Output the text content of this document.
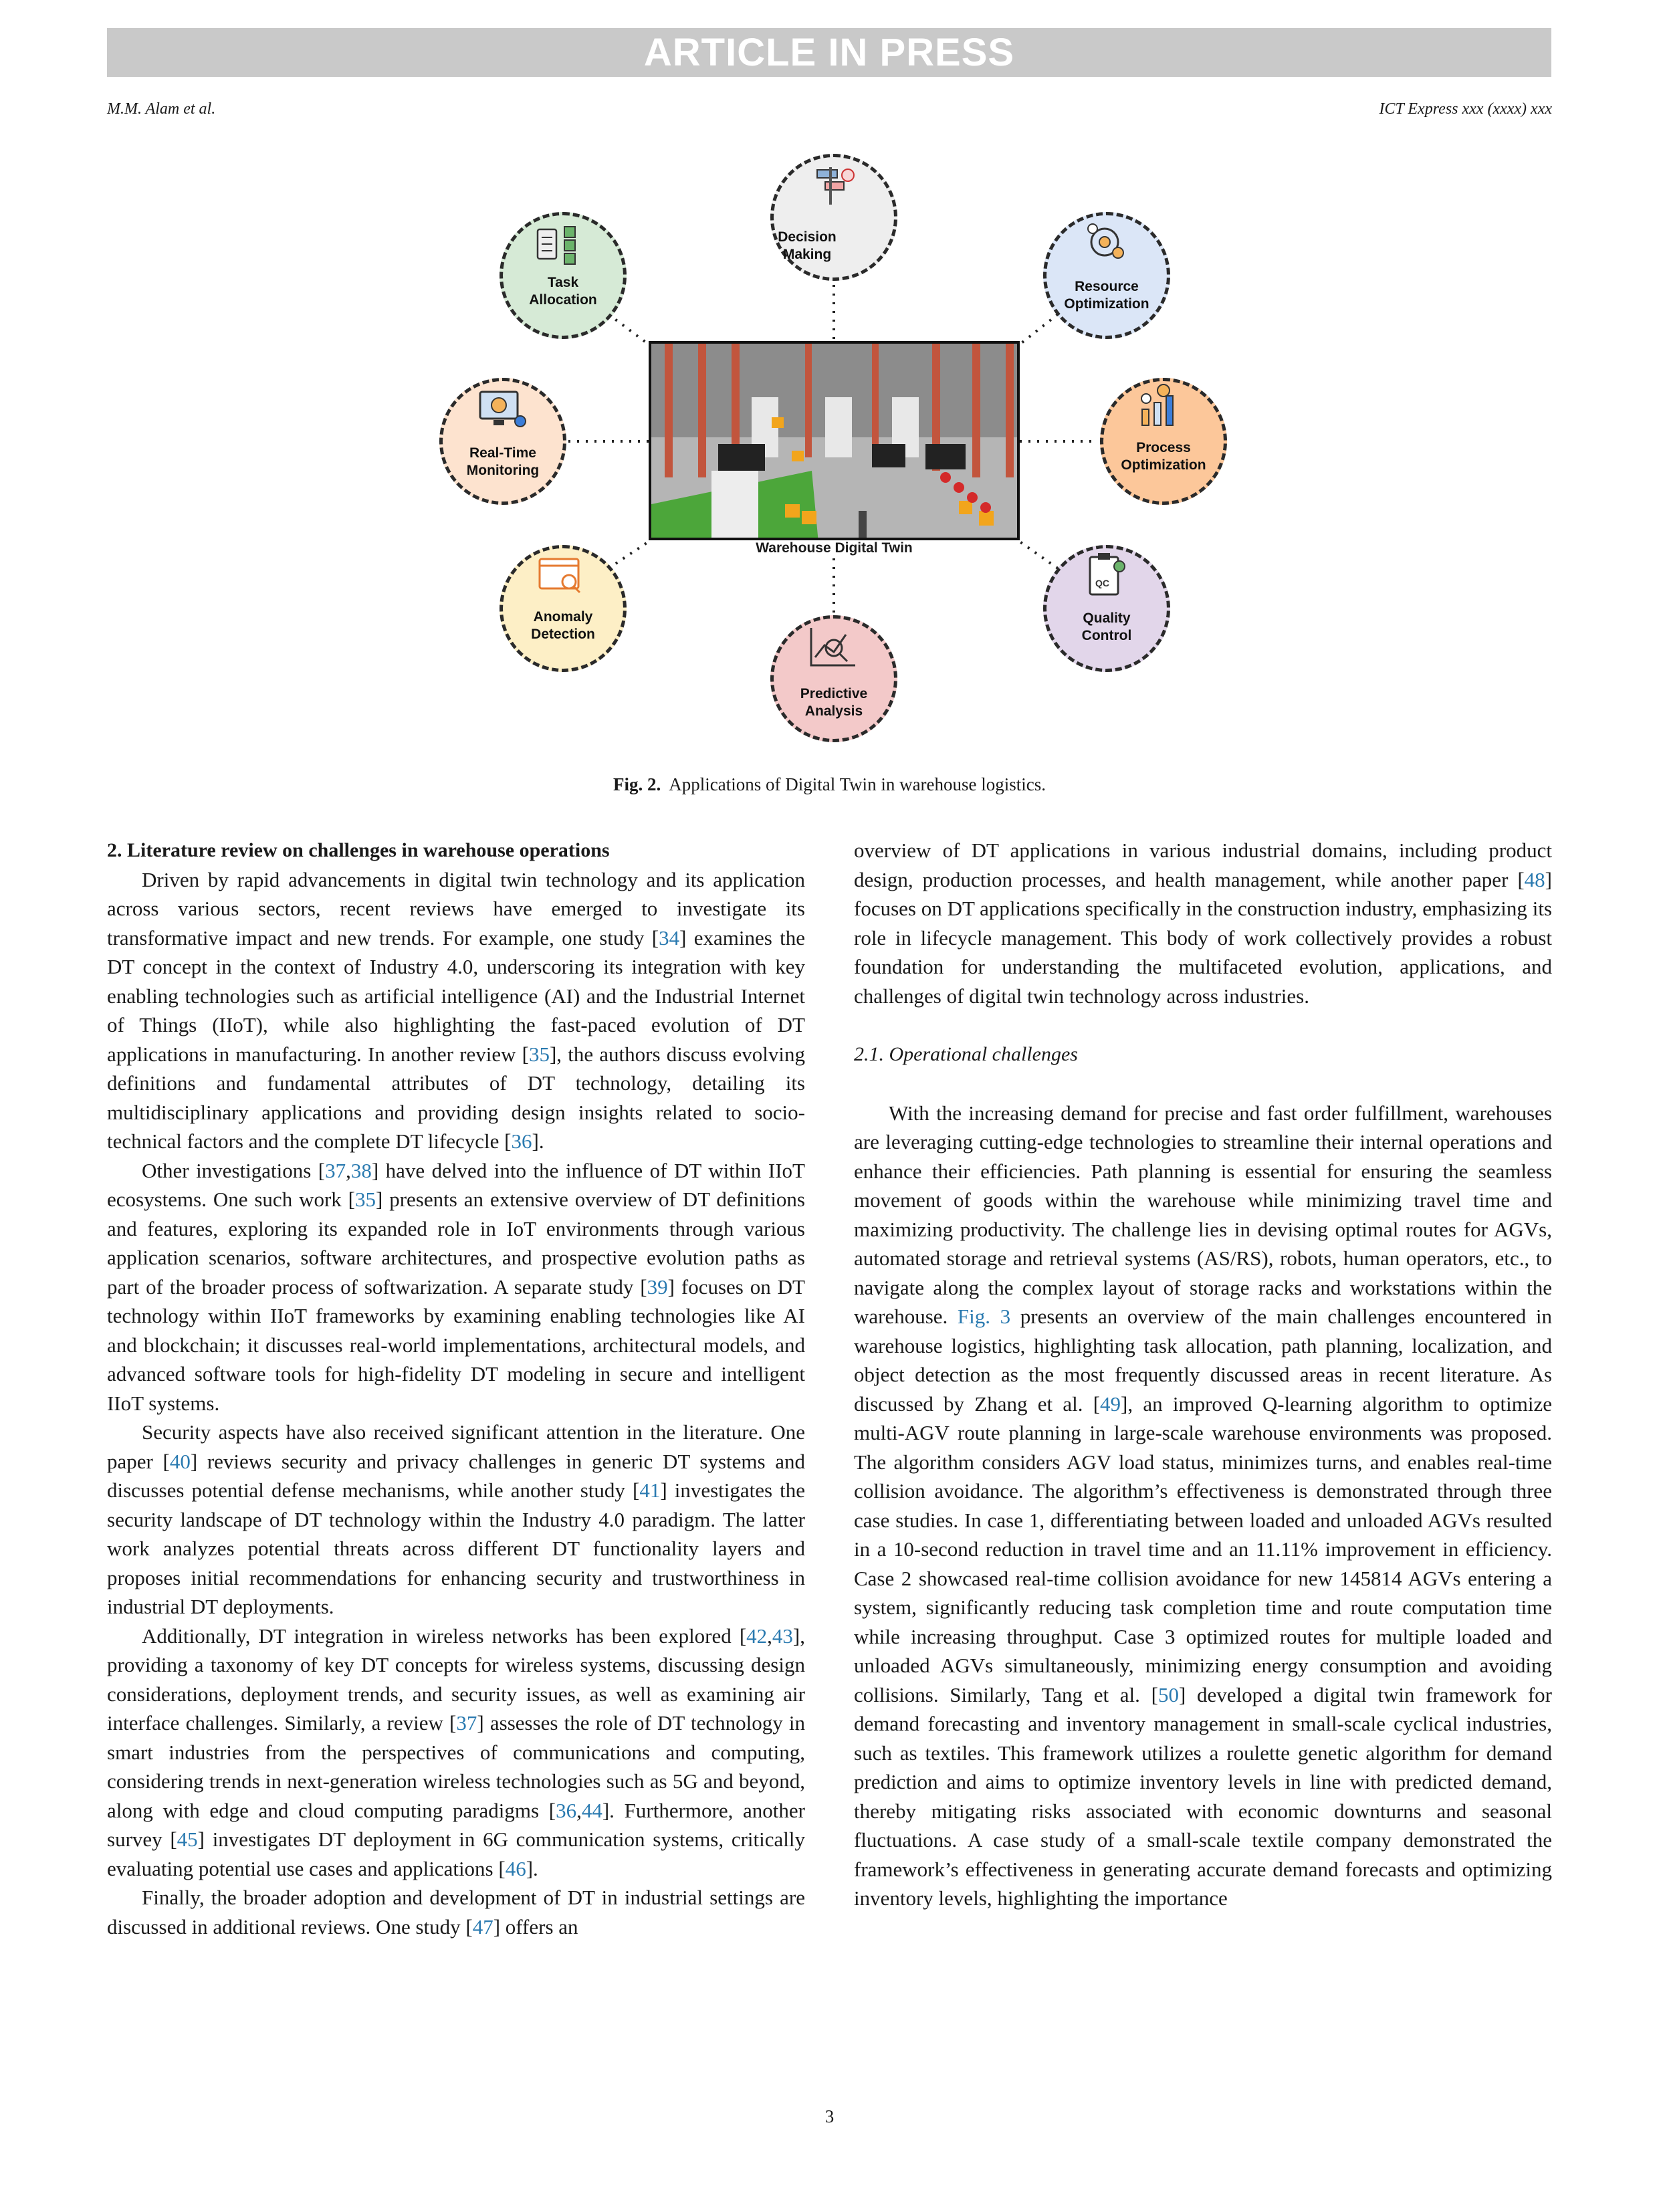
ARTICLE IN PRESS
M.M. Alam et al.	ICT Express xxx (xxxx) xxx
Decision Making
Task Allocation
Resource Optimization
Real-Time Monitoring
Process Optimization
Anomaly Detection
Predictive Analysis
QC
Quality Control
Warehouse Digital Twin
Fig. 2. Applications of Digital Twin in warehouse logistics.

2. Literature review on challenges in warehouse operations

Driven by rapid advancements in digital twin technology and its application across various sectors, recent reviews have emerged to investigate its transformative impact and new trends. For example, one study [34] examines the DT concept in the context of Industry 4.0, underscoring its integration with key enabling technologies such as artificial intelligence (AI) and the Industrial Internet of Things (IIoT), while also highlighting the fast-paced evolution of DT applications in manufacturing. In another review [35], the authors discuss evolving definitions and fundamental attributes of DT technology, detailing its multidisciplinary applications and providing design insights related to socio-technical factors and the complete DT lifecycle [36].

Other investigations [37,38] have delved into the influence of DT within IIoT ecosystems. One such work [35] presents an extensive overview of DT definitions and features, exploring its expanded role in IoT environments through various application scenarios, software architectures, and prospective evolution paths as part of the broader process of softwarization. A separate study [39] focuses on DT technology within IIoT frameworks by examining enabling technologies like AI and blockchain; it discusses real-world implementations, architectural models, and advanced software tools for high-fidelity DT modeling in secure and intelligent IIoT systems.

Security aspects have also received significant attention in the literature. One paper [40] reviews security and privacy challenges in generic DT systems and discusses potential defense mechanisms, while another study [41] investigates the security landscape of DT technology within the Industry 4.0 paradigm. The latter work analyzes potential threats across different DT functionality layers and proposes initial recommendations for enhancing security and trustworthiness in industrial DT deployments.

Additionally, DT integration in wireless networks has been explored [42,43], providing a taxonomy of key DT concepts for wireless systems, discussing design considerations, deployment trends, and security issues, as well as examining air interface challenges. Similarly, a review [37] assesses the role of DT technology in smart industries from the perspectives of communications and computing, considering trends in next-generation wireless technologies such as 5G and beyond, along with edge and cloud computing paradigms [36,44]. Furthermore, another survey [45] investigates DT deployment in 6G communication systems, critically evaluating potential use cases and applications [46].

Finally, the broader adoption and development of DT in industrial settings are discussed in additional reviews. One study [47] offers an

overview of DT applications in various industrial domains, including product design, production processes, and health management, while another paper [48] focuses on DT applications specifically in the construction industry, emphasizing its role in lifecycle management. This body of work collectively provides a robust foundation for understanding the multifaceted evolution, applications, and challenges of digital twin technology across industries.

2.1. Operational challenges

With the increasing demand for precise and fast order fulfillment, warehouses are leveraging cutting-edge technologies to streamline their internal operations and enhance their efficiencies. Path planning is essential for ensuring the seamless movement of goods within the warehouse while minimizing travel time and maximizing productivity. The challenge lies in devising optimal routes for AGVs, automated storage and retrieval systems (AS/RS), robots, human operators, etc., to navigate along the complex layout of storage racks and workstations within the warehouse. Fig. 3 presents an overview of the main challenges encountered in warehouse logistics, highlighting task allocation, path planning, localization, and object detection as the most frequently discussed areas in recent literature. As discussed by Zhang et al. [49], an improved Q-learning algorithm to optimize multi-AGV route planning in large-scale warehouse environments was proposed. The algorithm considers AGV load status, minimizes turns, and enables real-time collision avoidance. The algorithm’s effectiveness is demonstrated through three case studies. In case 1, differentiating between loaded and unloaded AGVs resulted in a 10-second reduction in travel time and an 11.11% improvement in efficiency. Case 2 showcased real-time collision avoidance for new 145814 AGVs entering a system, significantly reducing task completion time and route computation time while increasing throughput. Case 3 optimized routes for multiple loaded and unloaded AGVs simultaneously, minimizing energy consumption and avoiding collisions. Similarly, Tang et al. [50] developed a digital twin framework for demand forecasting and inventory management in small-scale cyclical industries, such as textiles. This framework utilizes a roulette genetic algorithm for demand prediction and aims to optimize inventory levels in line with predicted demand, thereby mitigating risks associated with economic downturns and seasonal fluctuations. A case study of a small-scale textile company demonstrated the framework’s effectiveness in generating accurate demand forecasts and optimizing inventory levels, highlighting the importance

3
